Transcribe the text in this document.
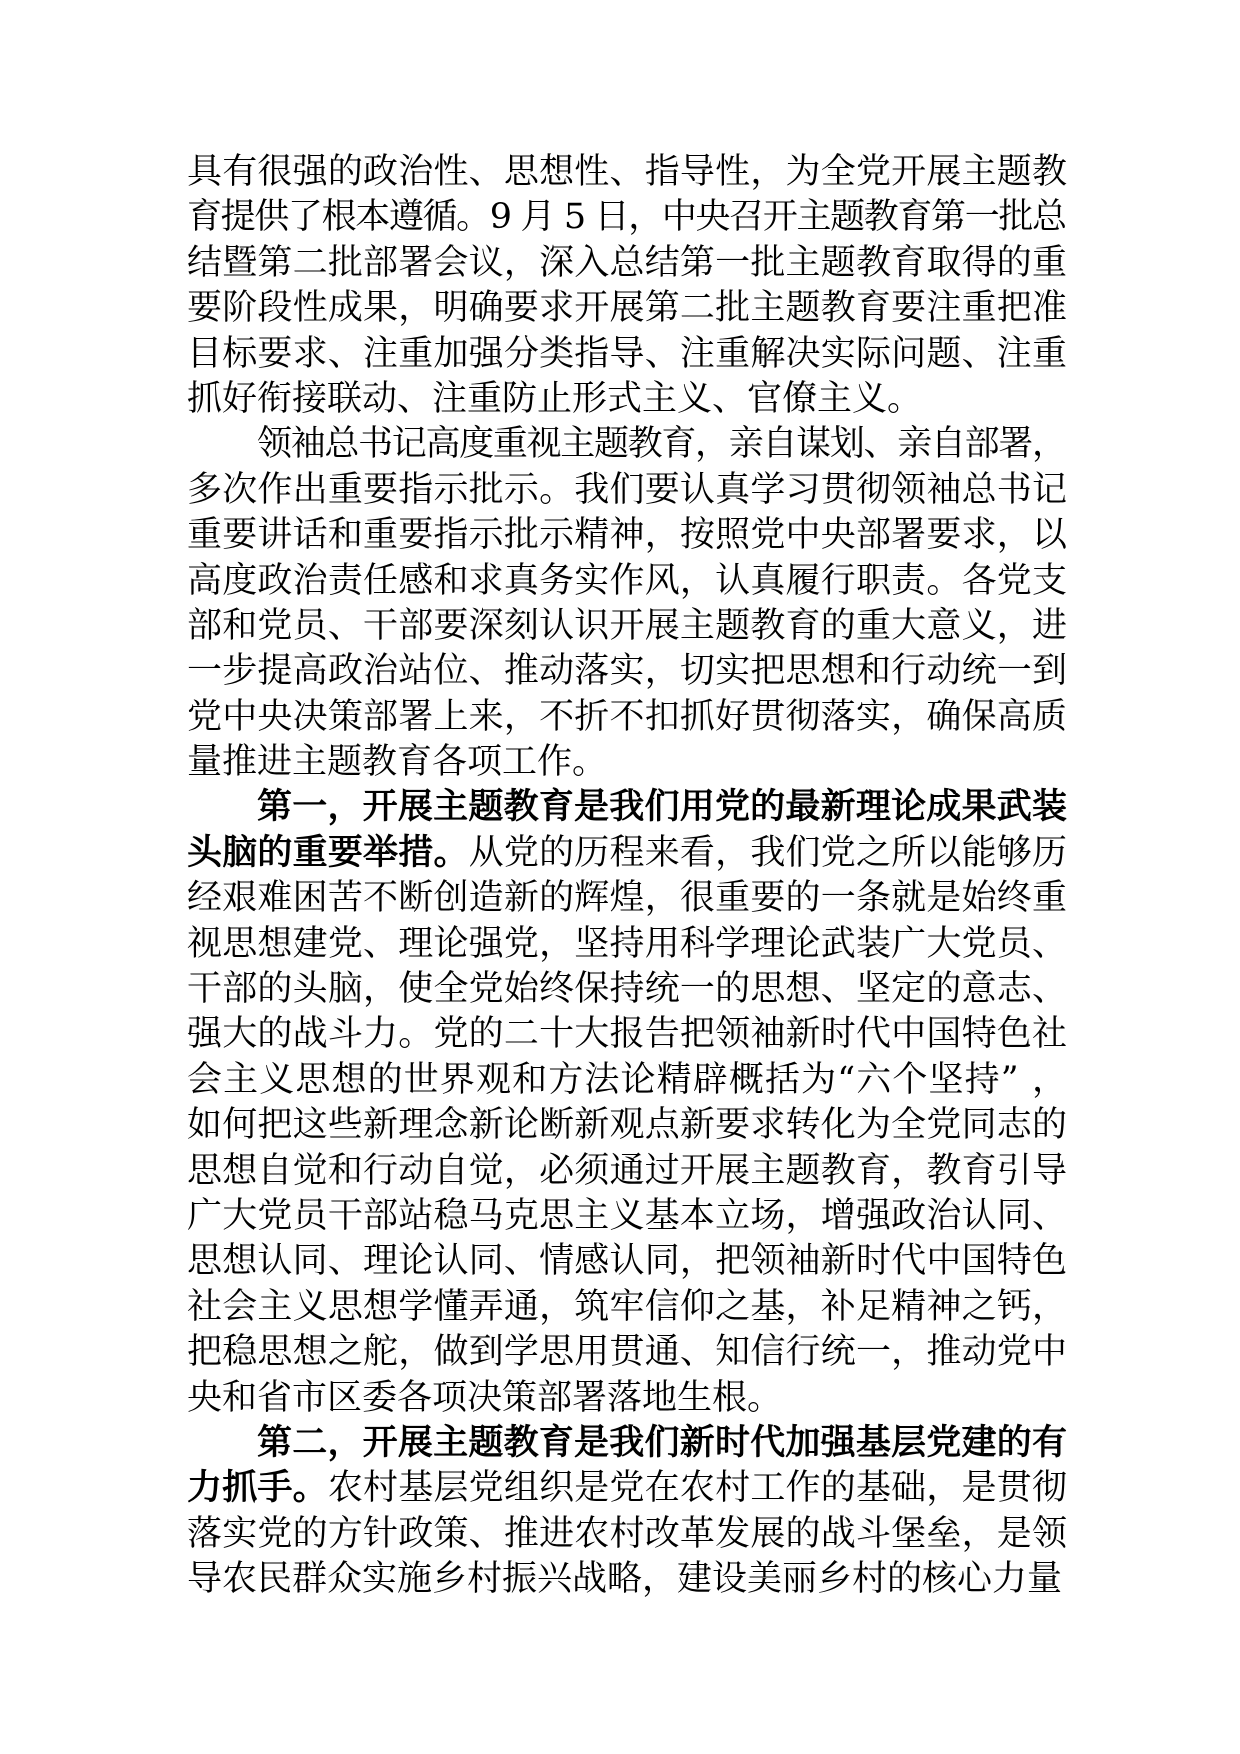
具有很强的政治性、思想性、指导性，为全党开展主题教
育提供了根本遵循。9 月 5 日，中央召开主题教育第一批总
结暨第二批部署会议，深入总结第一批主题教育取得的重
要阶段性成果，明确要求开展第二批主题教育要注重把准
目标要求、注重加强分类指导、注重解决实际问题、注重
抓好衔接联动、注重防止形式主义、官僚主义。
领袖总书记高度重视主题教育，亲自谋划、亲自部署，
多次作出重要指示批示。我们要认真学习贯彻领袖总书记
重要讲话和重要指示批示精神，按照党中央部署要求，以
高度政治责任感和求真务实作风，认真履行职责。各党支
部和党员、干部要深刻认识开展主题教育的重大意义，进
一步提高政治站位、推动落实，切实把思想和行动统一到
党中央决策部署上来，不折不扣抓好贯彻落实，确保高质
量推进主题教育各项工作。
第一，开展主题教育是我们用党的最新理论成果武装
头脑的重要举措。从党的历程来看，我们党之所以能够历
经艰难困苦不断创造新的辉煌，很重要的一条就是始终重
视思想建党、理论强党，坚持用科学理论武装广大党员、
干部的头脑，使全党始终保持统一的思想、坚定的意志、
强大的战斗力。党的二十大报告把领袖新时代中国特色社
会主义思想的世界观和方法论精辟概括为“六个坚持” ，
如何把这些新理念新论断新观点新要求转化为全党同志的
思想自觉和行动自觉，必须通过开展主题教育，教育引导
广大党员干部站稳马克思主义基本立场，增强政治认同、
思想认同、理论认同、情感认同，把领袖新时代中国特色
社会主义思想学懂弄通，筑牢信仰之基，补足精神之钙，
把稳思想之舵，做到学思用贯通、知信行统一，推动党中
央和省市区委各项决策部署落地生根。
第二，开展主题教育是我们新时代加强基层党建的有
力抓手。农村基层党组织是党在农村工作的基础，是贯彻
落实党的方针政策、推进农村改革发展的战斗堡垒，是领
导农民群众实施乡村振兴战略，建设美丽乡村的核心力量
